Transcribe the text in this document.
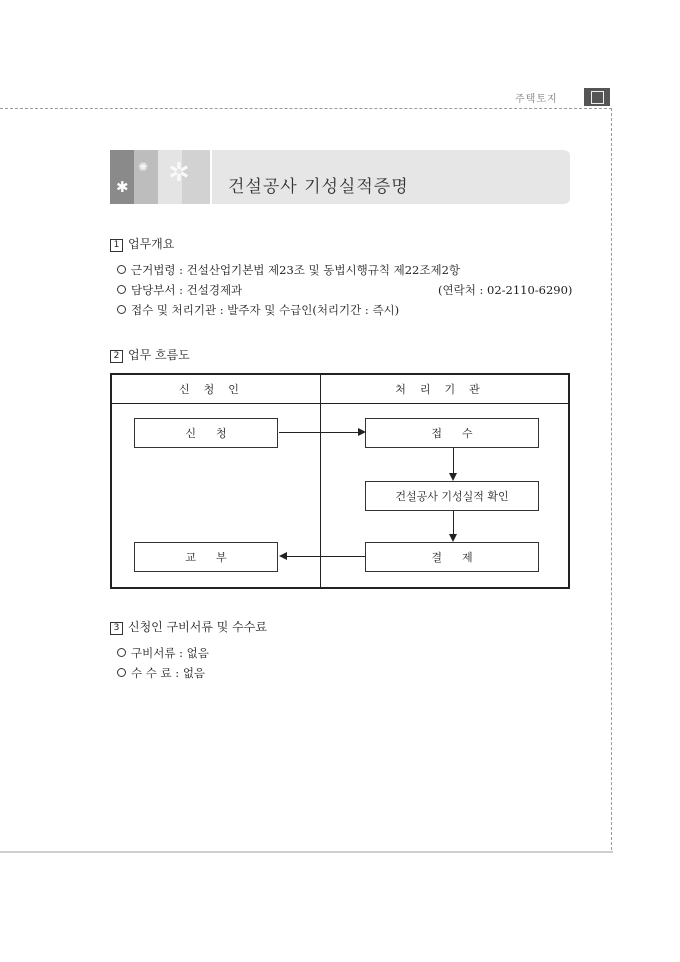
주택토지
✱
✺ ✲ 건설공사 기성실적증명
1 업무개요
근거법령 : 건설산업기본법 제23조 및 동법시행규칙 제22조제2항
담당부서 : 건설경제과	(연락처 : 02-2110-6290)
접수 및 처리기관 : 발주자 및 수급인(처리기간 : 즉시)
2 업무 흐름도
신청인	처리기관
신청	접수
건설공사 기성실적 확인
결제
교부
3 신청인 구비서류 및 수수료
구비서류 : 없음
수 수 료 : 없음
